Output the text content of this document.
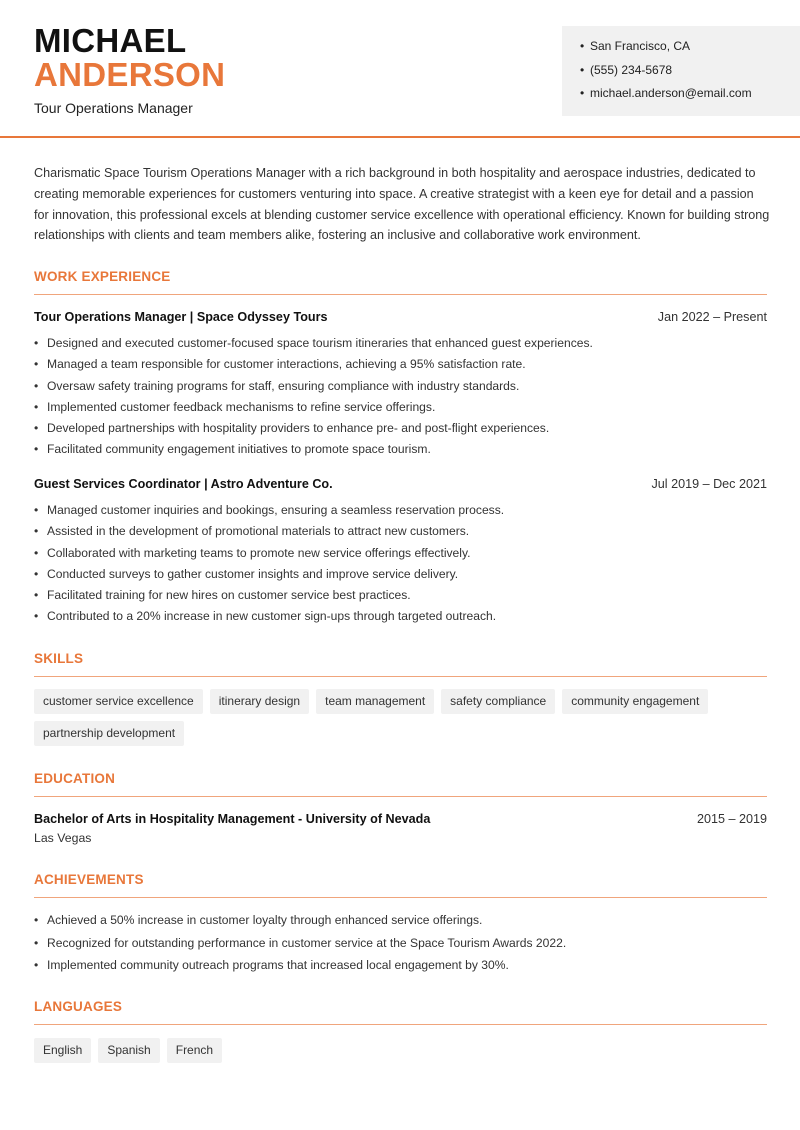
MICHAEL
ANDERSON
Tour Operations Manager
• San Francisco, CA
• (555) 234-5678
• michael.anderson@email.com

Charismatic Space Tourism Operations Manager with a rich background in both hospitality and aerospace industries, dedicated to creating memorable experiences for customers venturing into space. A creative strategist with a keen eye for detail and a passion for innovation, this professional excels at blending customer service excellence with operational efficiency. Known for building strong relationships with clients and team members alike, fostering an inclusive and collaborative work environment.

WORK EXPERIENCE
Tour Operations Manager | Space Odyssey Tours	Jan 2022 – Present
• Designed and executed customer-focused space tourism itineraries that enhanced guest experiences.
• Managed a team responsible for customer interactions, achieving a 95% satisfaction rate.
• Oversaw safety training programs for staff, ensuring compliance with industry standards.
• Implemented customer feedback mechanisms to refine service offerings.
• Developed partnerships with hospitality providers to enhance pre- and post-flight experiences.
• Facilitated community engagement initiatives to promote space tourism.
Guest Services Coordinator | Astro Adventure Co.	Jul 2019 – Dec 2021
• Managed customer inquiries and bookings, ensuring a seamless reservation process.
• Assisted in the development of promotional materials to attract new customers.
• Collaborated with marketing teams to promote new service offerings effectively.
• Conducted surveys to gather customer insights and improve service delivery.
• Facilitated training for new hires on customer service best practices.
• Contributed to a 20% increase in new customer sign-ups through targeted outreach.
SKILLS
customer service excellence	itinerary design	team management	safety compliance	community engagement
partnership development
EDUCATION
Bachelor of Arts in Hospitality Management - University of Nevada	2015 – 2019
Las Vegas
ACHIEVEMENTS
• Achieved a 50% increase in customer loyalty through enhanced service offerings.
• Recognized for outstanding performance in customer service at the Space Tourism Awards 2022.
• Implemented community outreach programs that increased local engagement by 30%.
LANGUAGES
English	Spanish	French
